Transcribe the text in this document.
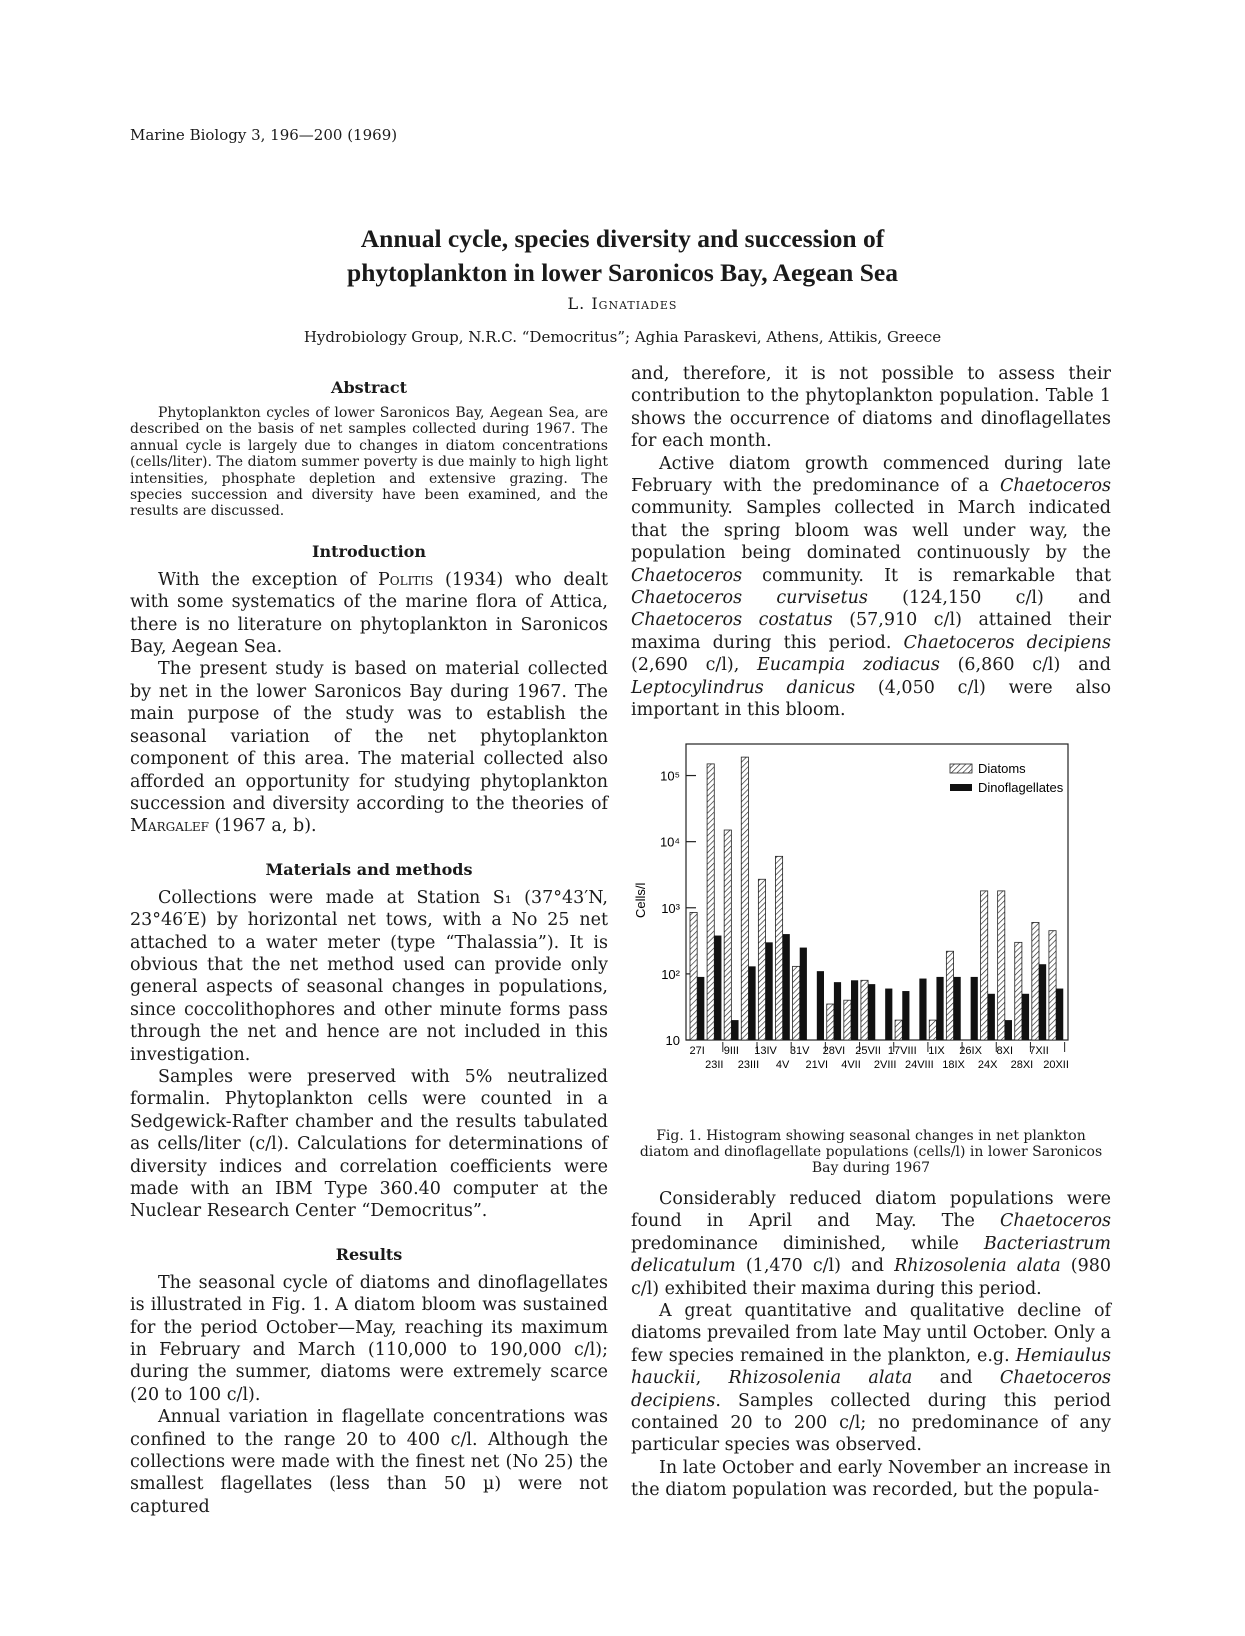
Marine Biology 3, 196—200 (1969)
Annual cycle, species diversity and succession of
phytoplankton in lower Saronicos Bay, Aegean Sea
L. Ignatiades
Hydrobiology Group, N.R.C. “Democritus”; Aghia Paraskevi, Athens, Attikis, Greece
Abstract

Phytoplankton cycles of lower Saronicos Bay, Aegean Sea, are described on the basis of net samples collected during 1967. The annual cycle is largely due to changes in diatom concentrations (cells/liter). The diatom summer poverty is due mainly to high light intensities, phosphate depletion and extensive grazing. The species succession and diversity have been examined, and the results are discussed.

Introduction

With the exception of Politis (1934) who dealt with some systematics of the marine flora of Attica, there is no literature on phytoplankton in Saronicos Bay, Aegean Sea.

The present study is based on material collected by net in the lower Saronicos Bay during 1967. The main purpose of the study was to establish the seasonal variation of the net phytoplankton component of this area. The material collected also afforded an opportunity for studying phytoplankton succession and diversity according to the theories of Margalef (1967 a, b).

Materials and methods

Collections were made at Station S₁ (37°43′N, 23°46′E) by horizontal net tows, with a No 25 net attached to a water meter (type “Thalassia”). It is obvious that the net method used can provide only general aspects of seasonal changes in populations, since coccolithophores and other minute forms pass through the net and hence are not included in this investigation.

Samples were preserved with 5% neutralized formalin. Phytoplankton cells were counted in a Sedgewick-Rafter chamber and the results tabulated as cells/liter (c/l). Calculations for determinations of diversity indices and correlation coefficients were made with an IBM Type 360.40 computer at the Nuclear Research Center “Democritus”.

Results

The seasonal cycle of diatoms and dinoflagellates is illustrated in Fig. 1. A diatom bloom was sustained for the period October—May, reaching its maximum in February and March (110,000 to 190,000 c/l); during the summer, diatoms were extremely scarce (20 to 100 c/l).

Annual variation in flagellate concentrations was confined to the range 20 to 400 c/l. Although the collections were made with the finest net (No 25) the smallest flagellates (less than 50 µ) were not captured

and, therefore, it is not possible to assess their contribution to the phytoplankton population. Table 1 shows the occurrence of diatoms and dinoflagellates for each month.

Active diatom growth commenced during late February with the predominance of a Chaetoceros community. Samples collected in March indicated that the spring bloom was well under way, the population being dominated continuously by the Chaetoceros community. It is remarkable that Chaetoceros curvisetus (124,150 c/l) and Chaetoceros costatus (57,910 c/l) attained their maxima during this period. Chaetoceros decipiens (2,690 c/l), Eucampia zodiacus (6,860 c/l) and Leptocylindrus danicus (4,050 c/l) were also important in this bloom.

10
10²
10³
10⁴
10⁵
Cells/l
27I 9III 13IV 31V 28VI 25VII 17VIII 1IX 26IX 8XI 7XII
23II 23III 4V 21VI 4VII 2VIII 24VIII 18IX 24X 28XI 20XII
Diatoms
Dinoflagellates
Fig. 1. Histogram showing seasonal changes in net plankton diatom and dinoflagellate populations (cells/l) in lower Saronicos Bay during 1967

Considerably reduced diatom populations were found in April and May. The Chaetoceros predominance diminished, while Bacteriastrum delicatulum (1,470 c/l) and Rhizosolenia alata (980 c/l) exhibited their maxima during this period.

A great quantitative and qualitative decline of diatoms prevailed from late May until October. Only a few species remained in the plankton, e.g. Hemiaulus hauckii, Rhizosolenia alata and Chaetoceros decipiens. Samples collected during this period contained 20 to 200 c/l; no predominance of any particular species was observed.

In late October and early November an increase in the diatom population was recorded, but the popula-
